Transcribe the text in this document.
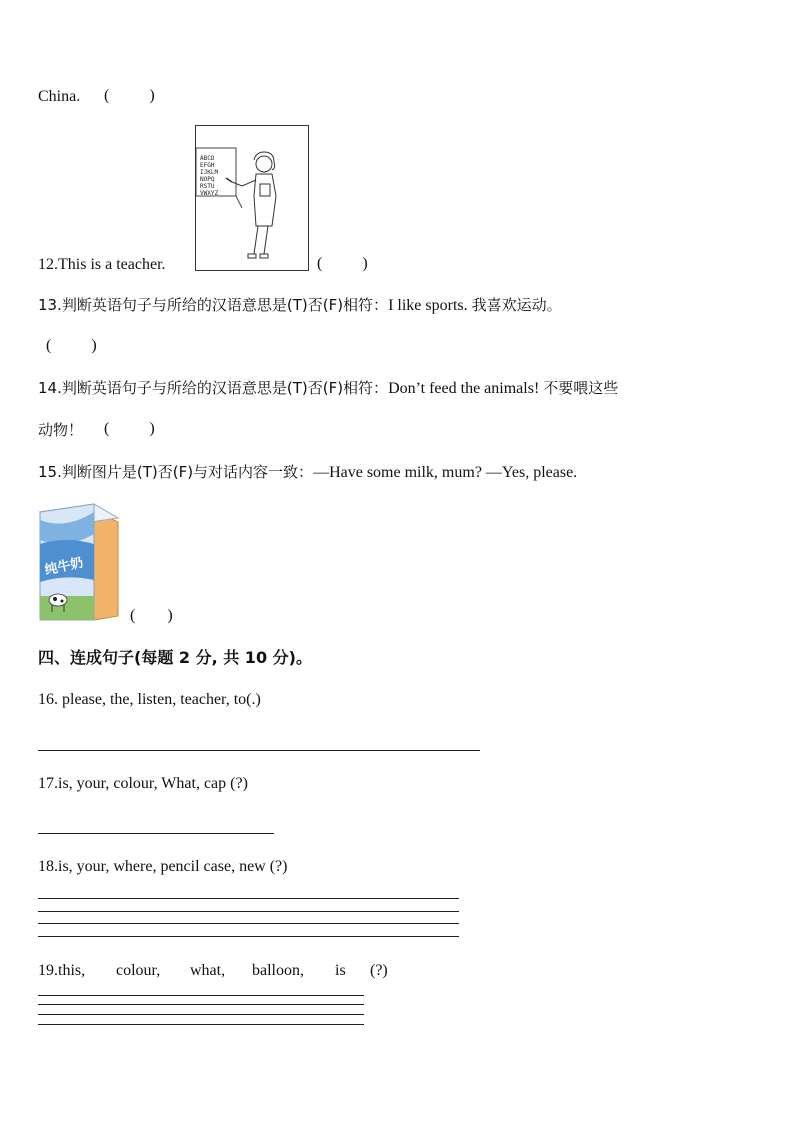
China. (          )
ABCD
EFGH
IJKLM
NOPQ
RSTU
VWXYZ
12.This is a teacher.	(          )
13.判断英语句子与所给的汉语意思是(T)否(F)相符：I like sports. 我喜欢运动。
(          )
14.判断英语句子与所给的汉语意思是(T)否(F)相符：Don’t feed the animals! 不要喂这些
动物！ (          )
15.判断图片是(T)否(F)与对话内容一致：—Have some milk, mum? —Yes, please.
纯牛奶
(        )
四、连成句子(每题 2 分, 共 10 分)。
16. please, the, listen, teacher, to(.)
17.is, your, colour, What, cap (?)
18.is, your, where, pencil case, new (?)
19.this, colour, what, balloon, is (?)
